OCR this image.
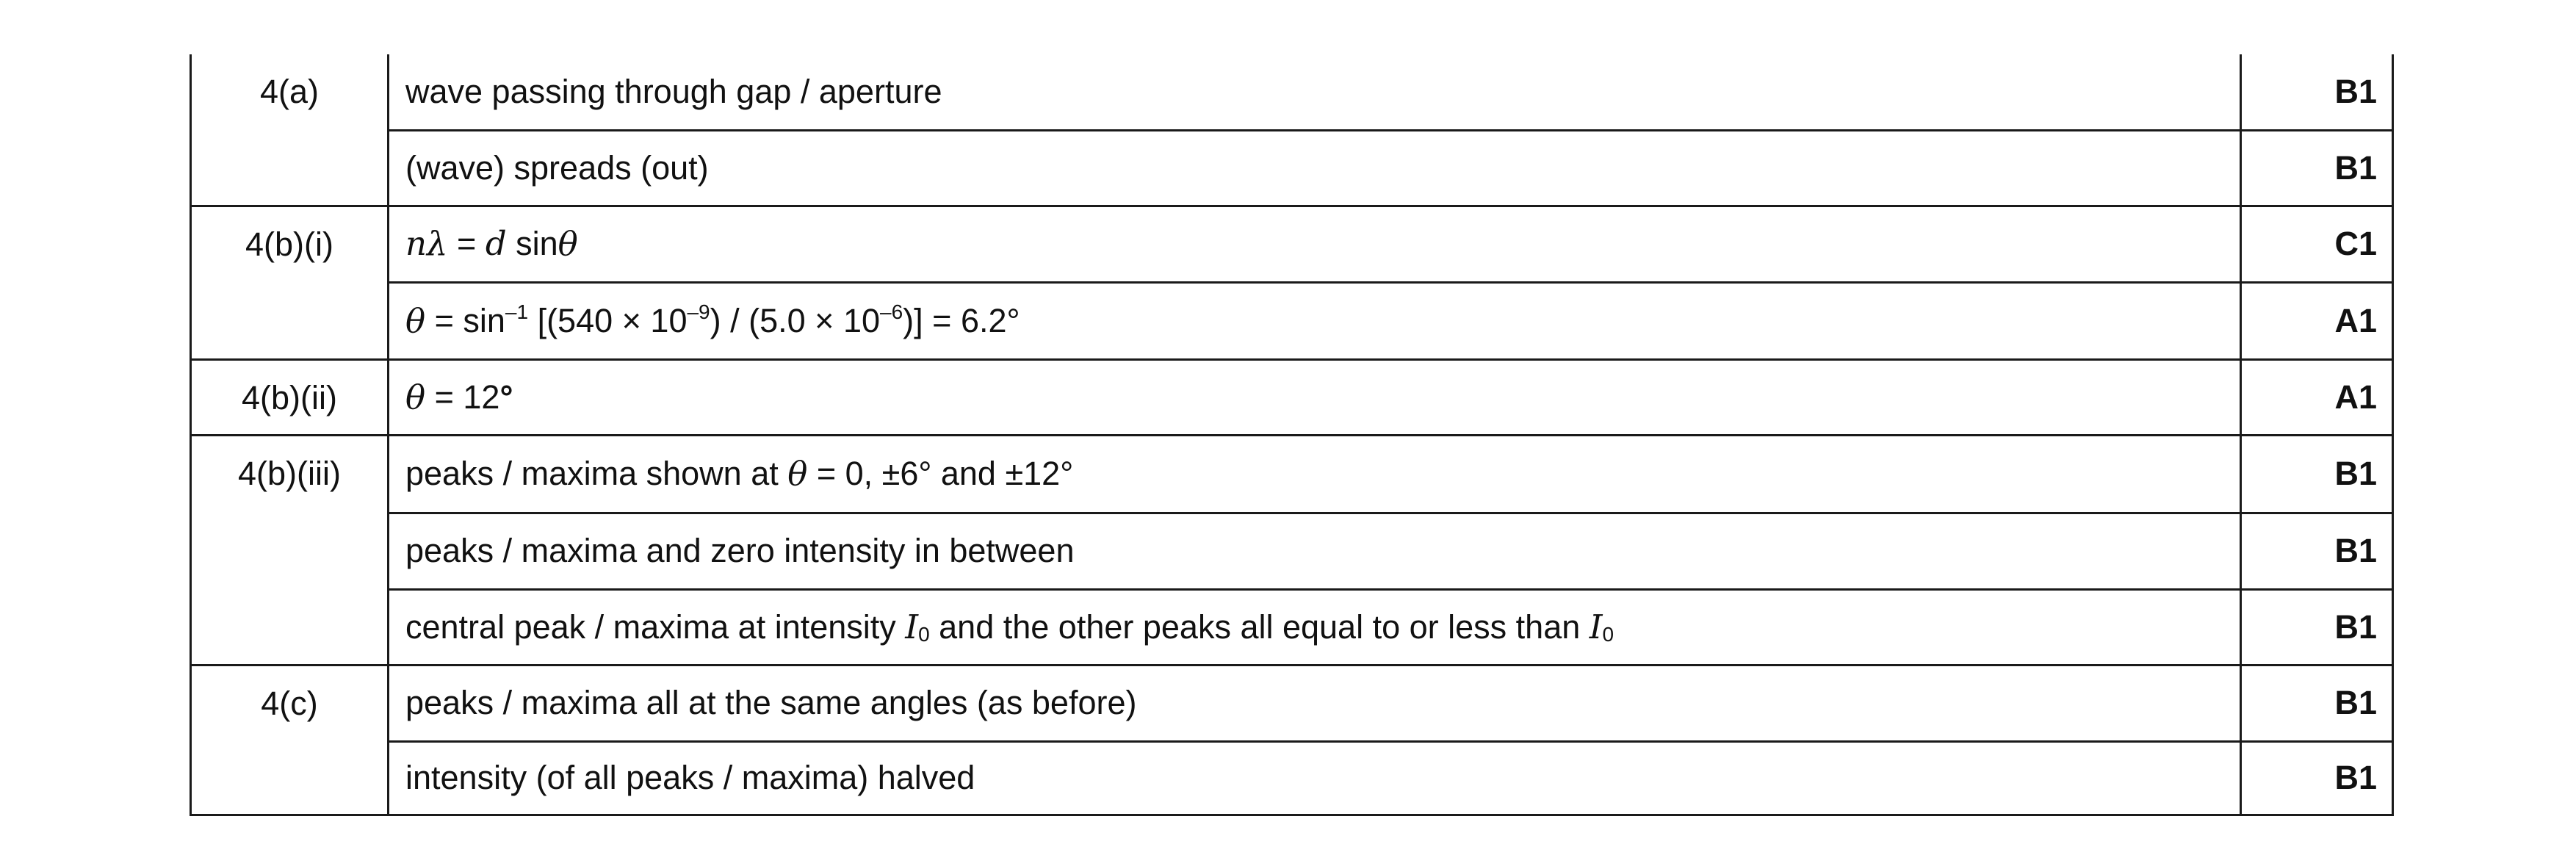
4(a)	wave passing through gap / aperture	B1
	(wave) spreads (out)	B1
4(b)(i)	nλ = d sinθ	C1
	$\theta = \sin^{-1} [(540 \times 10^{-9}) / (5.0 \times 10^{-6})] = 6.2^\circ$	A1
4(b)(ii)	θ = 12°	A1
4(b)(iii)	peaks / maxima shown at θ = 0, ±6° and ±12°	B1
	peaks / maxima and zero intensity in between	B1
	central peak / maxima at intensity $I_0$ and the other peaks all equal to or less than $I_0$	B1
4(c)	peaks / maxima all at the same angles (as before)	B1
	intensity (of all peaks / maxima) halved	B1
